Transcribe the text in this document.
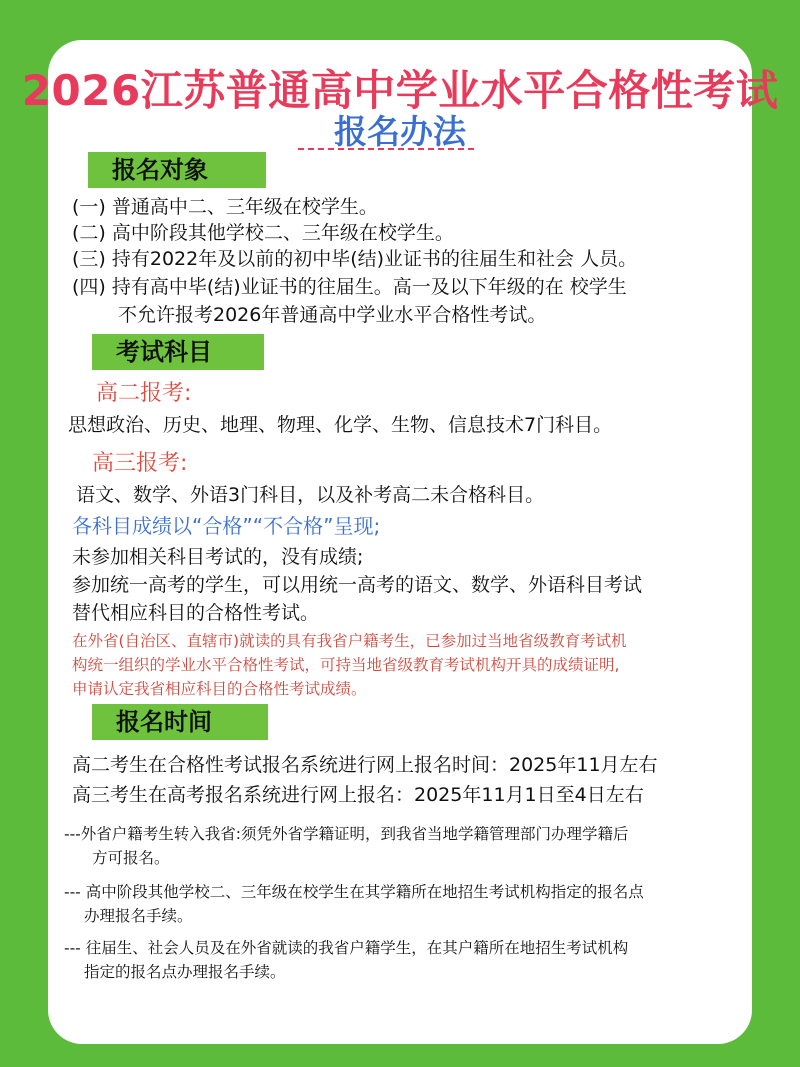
2026江苏普通高中学业水平合格性考试
报名办法
报名对象
(一) 普通高中二、三年级在校学生。
(二) 高中阶段其他学校二、三年级在校学生。
(三) 持有2022年及以前的初中毕(结)业证书的往届生和社会 人员。
(四) 持有高中毕(结)业证书的往届生。高一及以下年级的在 校学生
不允许报考2026年普通高中学业水平合格性考试。
考试科目
高二报考:
思想政治、历史、地理、物理、化学、生物、信息技术7门科目。
高三报考:
语文、数学、外语3门科目，以及补考高二未合格科目。
各科目成绩以“合格”“不合格”呈现;
未参加相关科目考试的，没有成绩;
参加统一高考的学生，可以用统一高考的语文、数学、外语科目考试
替代相应科目的合格性考试。
在外省(自治区、直辖市)就读的具有我省户籍考生，已参加过当地省级教育考试机
构统一组织的学业水平合格性考试，可持当地省级教育考试机构开具的成绩证明,
申请认定我省相应科目的合格性考试成绩。
报名时间
高二考生在合格性考试报名系统进行网上报名时间：2025年11月左右
高三考生在高考报名系统进行网上报名：2025年11月1日至4日左右
---外省户籍考生转入我省:须凭外省学籍证明，到我省当地学籍管理部门办理学籍后
方可报名。
--- 高中阶段其他学校二、三年级在校学生在其学籍所在地招生考试机构指定的报名点
办理报名手续。
--- 往届生、社会人员及在外省就读的我省户籍学生，在其户籍所在地招生考试机构
指定的报名点办理报名手续。
